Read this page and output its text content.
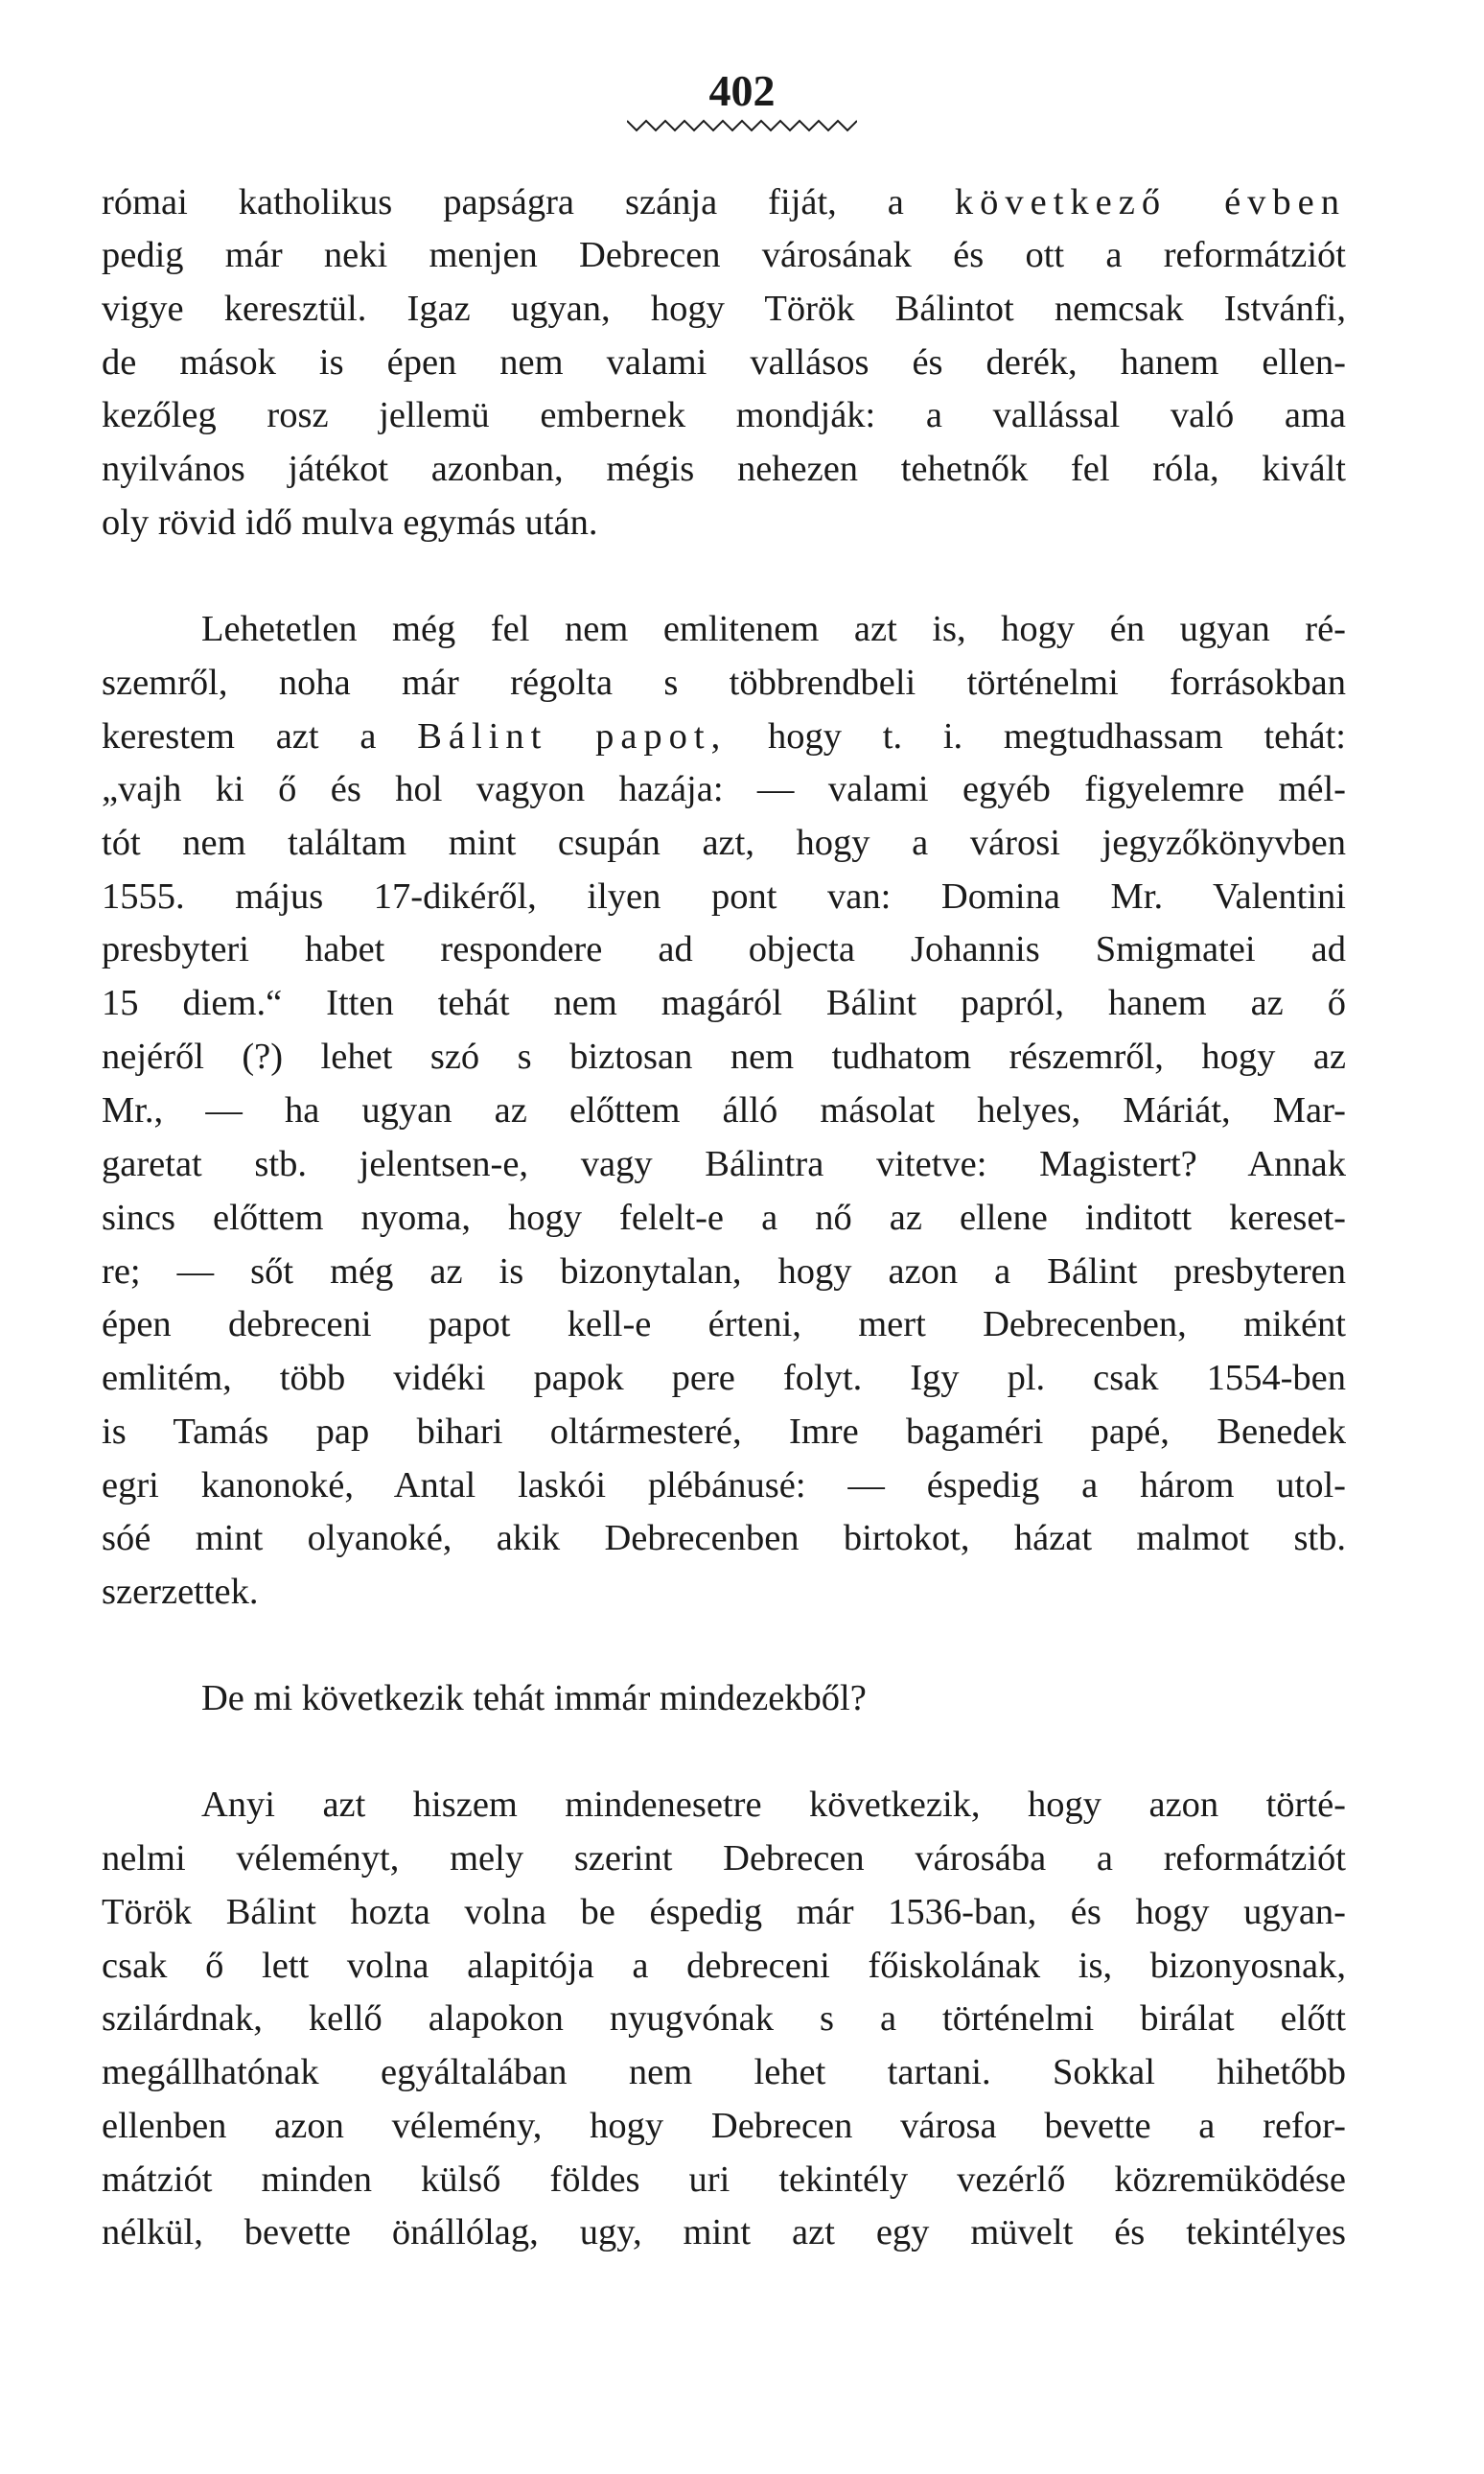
402
római katholikus papságra szánja fiját, a következő évben
pedig már neki menjen Debrecen városának és ott a reformátziót
vigye keresztül. Igaz ugyan, hogy Török Bálintot nemcsak Istvánfi,
de mások is épen nem valami vallásos és derék, hanem ellen-
kezőleg rosz jellemü embernek mondják: a vallással való ama
nyilvános játékot azonban, mégis nehezen tehetnők fel róla, kivált
oly rövid idő mulva egymás után.
Lehetetlen még fel nem emlitenem azt is, hogy én ugyan ré-
szemről, noha már régolta s többrendbeli történelmi forrásokban
kerestem azt a Bálint papot, hogy t. i. megtudhassam tehát:
„vajh ki ő és hol vagyon hazája: — valami egyéb figyelemre mél-
tót nem találtam mint csupán azt, hogy a városi jegyzőkönyvben
1555. május 17-dikéről, ilyen pont van: Domina Mr. Valentini
presbyteri habet respondere ad objecta Johannis Smigmatei ad
15 diem.“ Itten tehát nem magáról Bálint papról, hanem az ő
nejéről (?) lehet szó s biztosan nem tudhatom részemről, hogy az
Mr., — ha ugyan az előttem álló másolat helyes, Máriát, Mar-
garetat stb. jelentsen-e, vagy Bálintra vitetve: Magistert? Annak
sincs előttem nyoma, hogy felelt-e a nő az ellene inditott kereset-
re; — sőt még az is bizonytalan, hogy azon a Bálint presbyteren
épen debreceni papot kell-e érteni, mert Debrecenben, miként
emlitém, több vidéki papok pere folyt. Igy pl. csak 1554-ben
is Tamás pap bihari oltármesteré, Imre bagaméri papé, Benedek
egri kanonoké, Antal laskói plébánusé: — éspedig a három utol-
sóé mint olyanoké, akik Debrecenben birtokot, házat malmot stb.
szerzettek.
De mi következik tehát immár mindezekből?
Anyi azt hiszem mindenesetre következik, hogy azon törté-
nelmi véleményt, mely szerint Debrecen városába a reformátziót
Török Bálint hozta volna be éspedig már 1536-ban, és hogy ugyan-
csak ő lett volna alapitója a debreceni főiskolának is, bizonyosnak,
szilárdnak, kellő alapokon nyugvónak s a történelmi birálat előtt
megállhatónak egyáltalában nem lehet tartani. Sokkal hihetőbb
ellenben azon vélemény, hogy Debrecen városa bevette a refor-
mátziót minden külső földes uri tekintély vezérlő közremüködése
nélkül, bevette önállólag, ugy, mint azt egy müvelt és tekintélyes
